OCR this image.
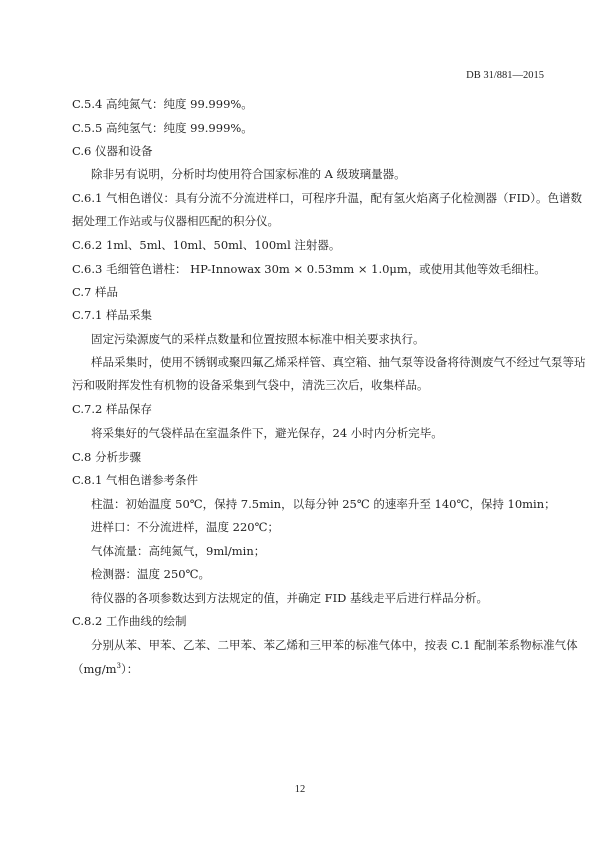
DB 31/881—2015
C.5.4 高纯氮气：纯度 99.999%。
C.5.5 高纯氢气：纯度 99.999%。
C.6 仪器和设备
除非另有说明，分析时均使用符合国家标准的 A 级玻璃量器。
C.6.1 气相色谱仪：具有分流不分流进样口，可程序升温，配有氢火焰离子化检测器（FID）。色谱数
据处理工作站或与仪器相匹配的积分仪。
C.6.2 1ml、5ml、10ml、50ml、100ml 注射器。
C.6.3 毛细管色谱柱： HP-Innowax 30m × 0.53mm × 1.0μm，或使用其他等效毛细柱。
C.7 样品
C.7.1 样品采集
固定污染源废气的采样点数量和位置按照本标准中相关要求执行。
样品采集时，使用不锈钢或聚四氟乙烯采样管、真空箱、抽气泵等设备将待测废气不经过气泵等玷
污和吸附挥发性有机物的设备采集到气袋中，清洗三次后，收集样品。
C.7.2 样品保存
将采集好的气袋样品在室温条件下，避光保存，24 小时内分析完毕。
C.8 分析步骤
C.8.1 气相色谱参考条件
柱温：初始温度 50℃，保持 7.5min，以每分钟 25℃ 的速率升至 140℃，保持 10min；
进样口：不分流进样，温度 220℃；
气体流量：高纯氮气，9ml/min；
检测器：温度 250℃。
待仪器的各项参数达到方法规定的值，并确定 FID 基线走平后进行样品分析。
C.8.2 工作曲线的绘制
分别从苯、甲苯、乙苯、二甲苯、苯乙烯和三甲苯的标准气体中，按表 C.1 配制苯系物标准气体
$(mg/m^3)$：
12
